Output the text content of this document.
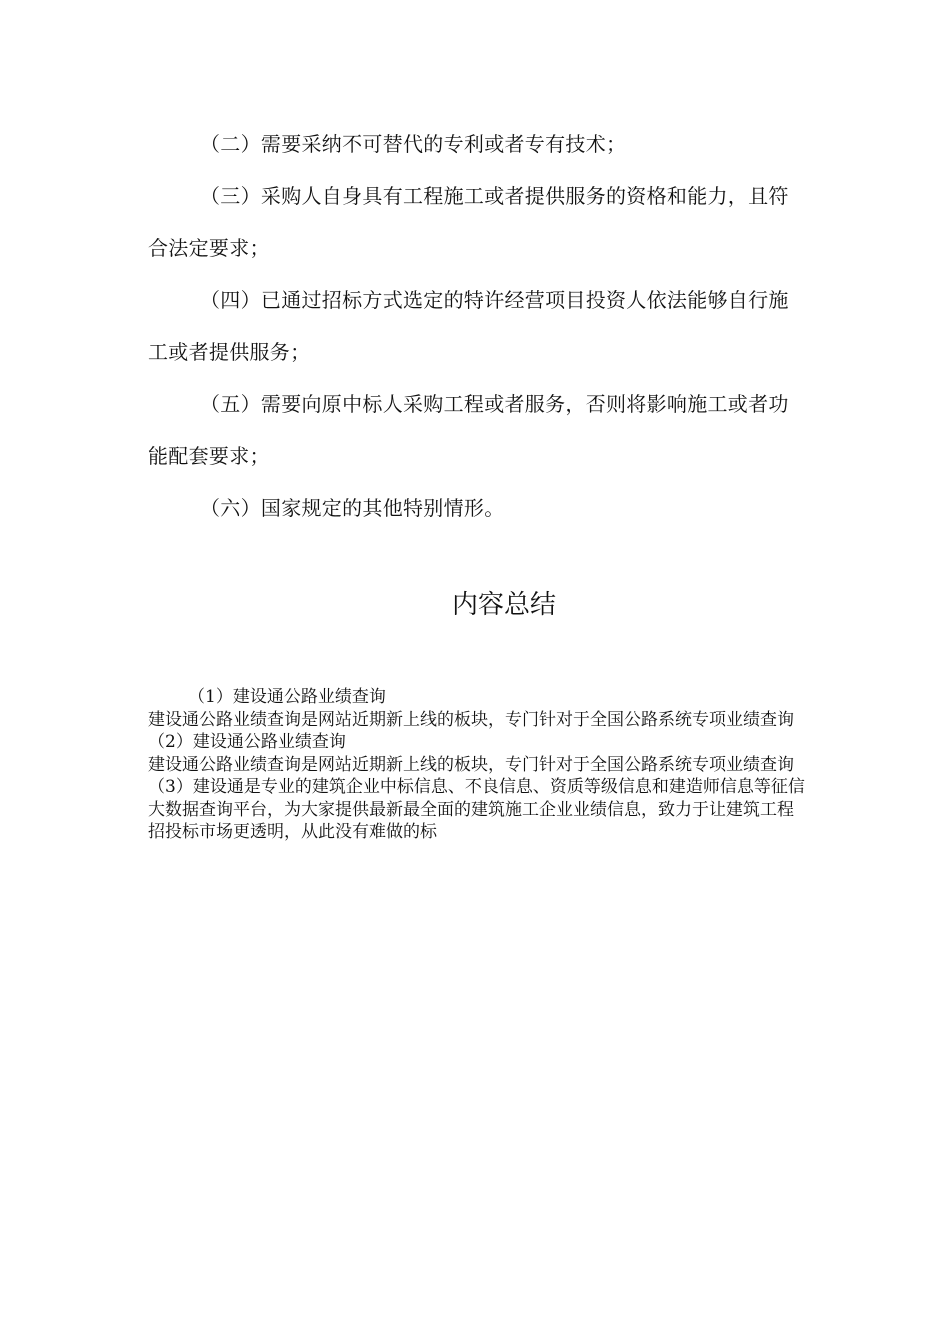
（二）需要采纳不可替代的专利或者专有技术；

（三）采购人自身具有工程施工或者提供服务的资格和能力，且符合法定要求；

（四）已通过招标方式选定的特许经营项目投资人依法能够自行施工或者提供服务；

（五）需要向原中标人采购工程或者服务，否则将影响施工或者功能配套要求；

（六）国家规定的其他特别情形。

内容总结

（1）建设通公路业绩查询

建设通公路业绩查询是网站近期新上线的板块，专门针对于全国公路系统专项业绩查询

（2）建设通公路业绩查询

建设通公路业绩查询是网站近期新上线的板块，专门针对于全国公路系统专项业绩查询

（3）建设通是专业的建筑企业中标信息、不良信息、资质等级信息和建造师信息等征信大数据查询平台，为大家提供最新最全面的建筑施工企业业绩信息，致力于让建筑工程招投标市场更透明，从此没有难做的标
